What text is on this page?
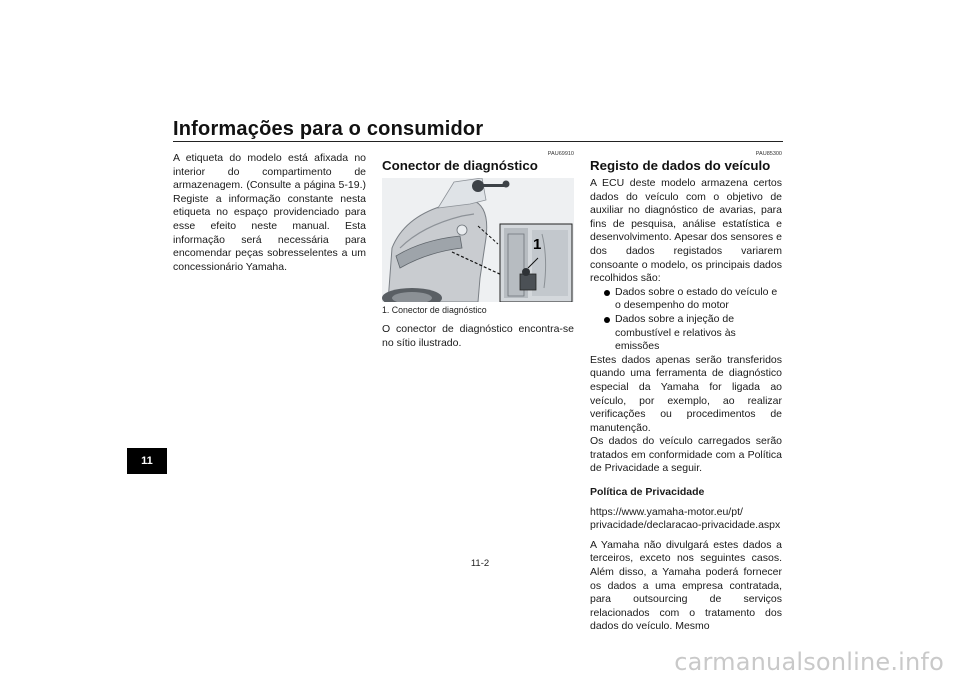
Informações para o consumidor
11

A etiqueta do modelo está afixada no interior do compartimento de armazenagem. (Consulte a página 5-19.) Registe a informação constante nesta etiqueta no espaço providenciado para esse efeito neste manual. Esta informação será necessária para encomendar peças sobresselentes a um concessionário Yamaha.

PAU69910
Conector de diagnóstico
1
1. Conector de diagnóstico

O conector de diagnóstico encontra-se no sítio ilustrado.

PAU85300
Registo de dados do veículo

A ECU deste modelo armazena certos dados do veículo com o objetivo de auxiliar no diagnóstico de avarias, para fins de pesquisa, análise estatística e desenvolvimento. Apesar dos sensores e dos dados registados variarem consoante o modelo, os principais dados recolhidos são:

Dados sobre o estado do veículo e o desempenho do motor
Dados sobre a injeção de combustível e relativos às emissões

Estes dados apenas serão transferidos quando uma ferramenta de diagnóstico especial da Yamaha for ligada ao veículo, por exemplo, ao realizar verificações ou procedimentos de manutenção.

Os dados do veículo carregados serão tratados em conformidade com a Política de Privacidade a seguir.

Política de Privacidade

https://www.yamaha-motor.eu/pt/

privacidade/declaracao-privacidade.aspx

A Yamaha não divulgará estes dados a terceiros, exceto nos seguintes casos. Além disso, a Yamaha poderá fornecer os dados a uma empresa contratada, para outsourcing de serviços relacionados com o tratamento dos dados do veículo. Mesmo

11-2
carmanualsonline.info
